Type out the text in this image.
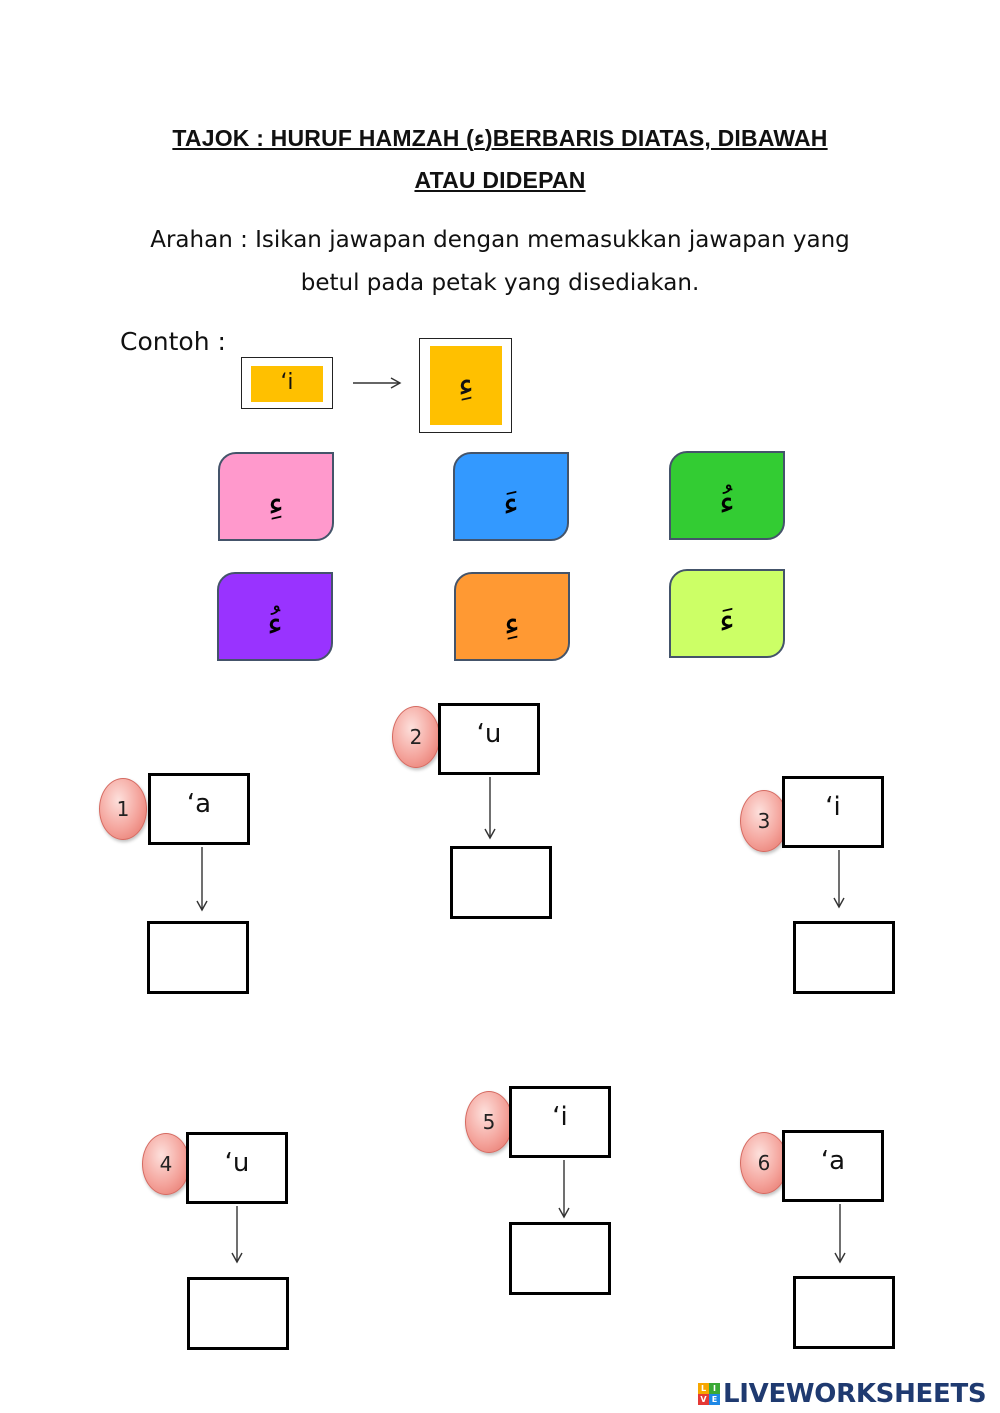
TAJOK : HURUF HAMZAH (ء)BERBARIS DIATAS, DIBAWAH
ATAU DIDEPAN
Arahan : Isikan jawapan dengan memasukkan jawapan yang
betul pada petak yang disediakan.
Contoh :
‘i	ءِ
ءِ	ءَ	ءُ
ءُ	ءِ	ءَ
1	‘a
2	‘u
3	‘i
4	‘u
5	‘i
6	‘a
L I
V E LIVEWORKSHEETS
